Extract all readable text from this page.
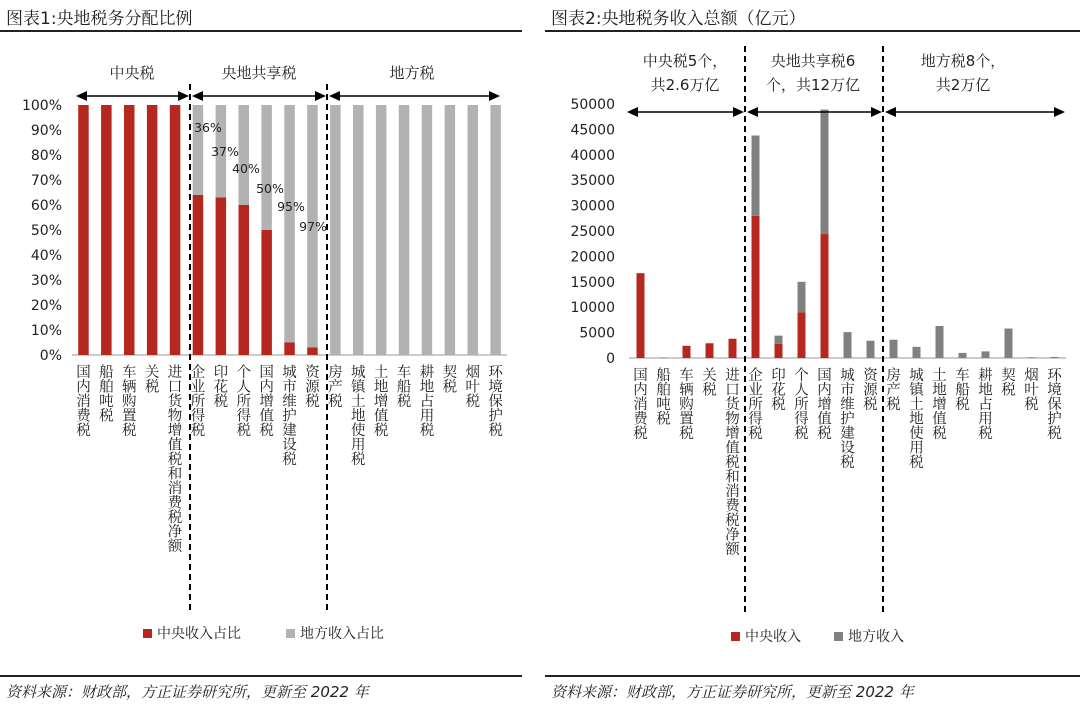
图表1:央地税务分配比例
0%
10%
20%
30%
40%
50%
60%
70%
80%
90%
100%
国内消费税
船舶吨税
车辆购置税
关税
进口货物增值税和消费税净额
企业所得税
印花税
个人所得税
国内增值税
城市维护建设税
资源税
房产税
城镇土地使用税
土地增值税
车船税
耕地占用税
契税
烟叶税
环境保护税
36%
37%
40%
50%
95%
97%
中央税	央地共享税	地方税
中央收入占比	地方收入占比
资料来源：财政部，方正证券研究所，更新至 2022 年
图表2:央地税务收入总额（亿元）
0
5000
10000
15000
20000
25000
30000
35000
40000
45000
50000
国内消费税
船舶吨税
车辆购置税
关税
进口货物增值税和消费税净额
企业所得税
印花税
个人所得税
国内增值税
城市维护建设税
资源税
房产税
城镇土地使用税
土地增值税
车船税
耕地占用税
契税
烟叶税
环境保护税
中央税5个，
共2.6万亿
央地共享税6
个，共12万亿
地方税8个，
共2万亿
中央收入	地方收入
资料来源：财政部，方正证券研究所，更新至 2022 年
